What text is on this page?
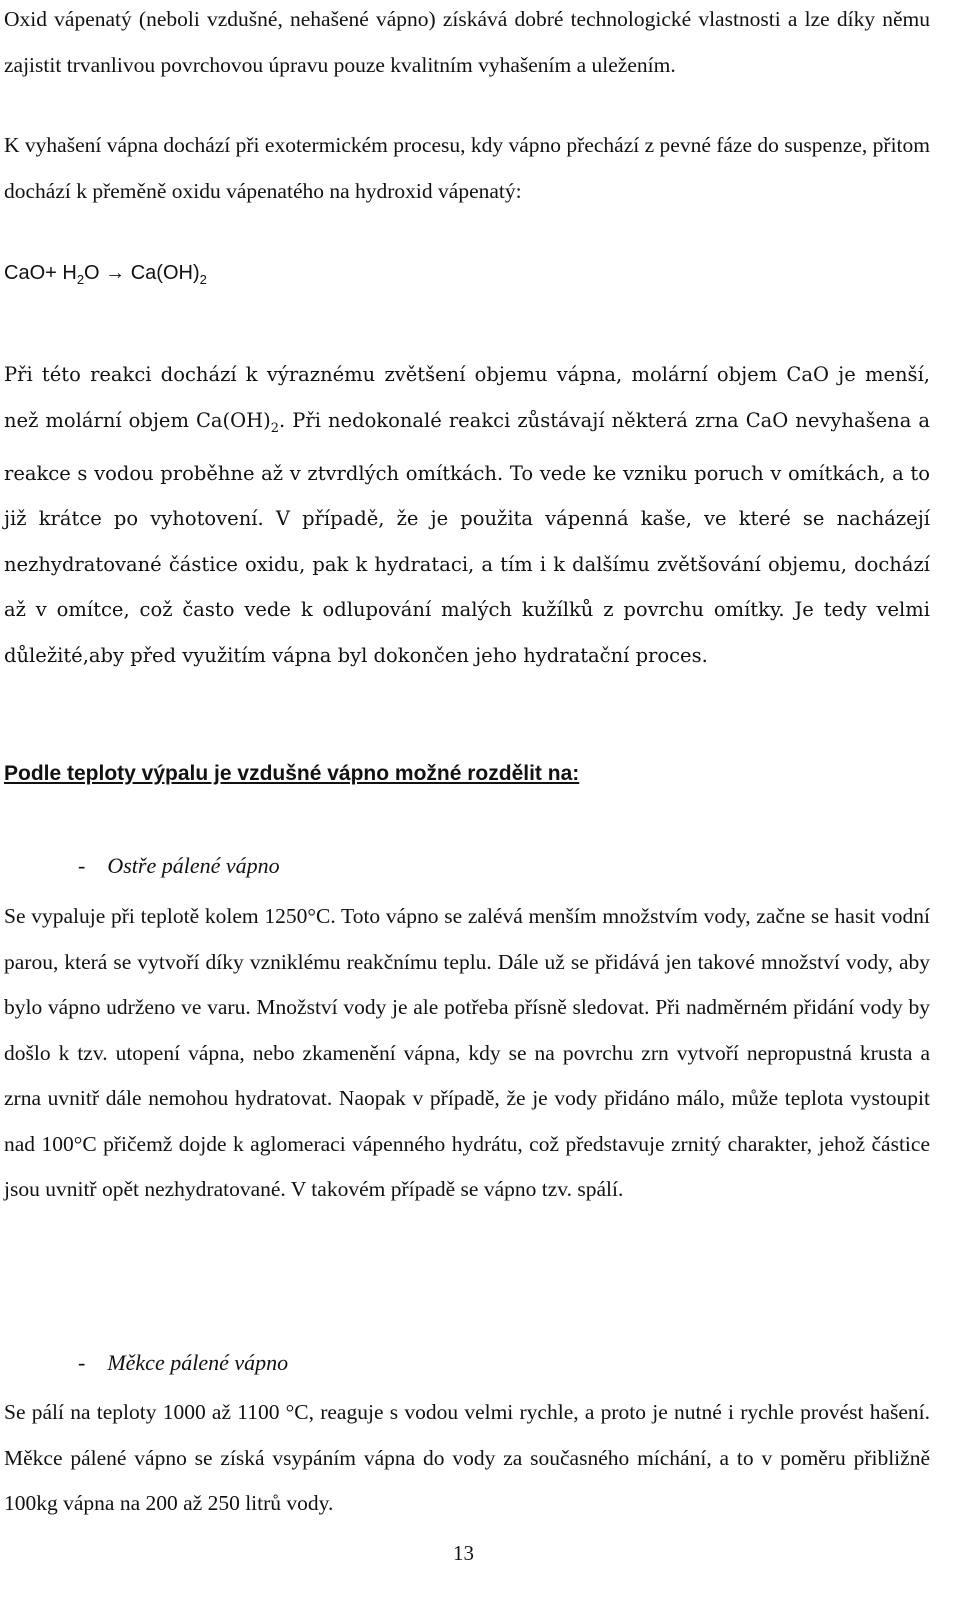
Oxid vápenatý (neboli vzdušné, nehašené vápno) získává dobré technologické vlastnosti a lze díky němu zajistit trvanlivou povrchovou úpravu pouze kvalitním vyhašením a uležením.

K vyhašení vápna dochází při exotermickém procesu, kdy vápno přechází z pevné fáze do suspenze, přitom dochází k přeměně oxidu vápenatého na hydroxid vápenatý:

$CaO+ H_2O \to Ca(OH)_2$

Při této reakci dochází k výraznému zvětšení objemu vápna, molární objem CaO je menší, než molární objem $Ca(OH)_2$. Při nedokonalé reakci zůstávají některá zrna CaO nevyhašena a reakce s vodou proběhne až v ztvrdlých omítkách. To vede ke vzniku poruch v omítkách, a to již krátce po vyhotovení. V případě, že je použita vápenná kaše, ve které se nacházejí nezhydratované částice oxidu, pak k hydrataci, a tím i k dalšímu zvětšování objemu, dochází až v omítce, což často vede k odlupování malých kužílků z povrchu omítky. Je tedy velmi důležité,aby před využitím vápna byl dokončen jeho hydratační proces.

Podle teploty výpalu je vzdušné vápno možné rozdělit na:
- Ostře pálené vápno

Se vypaluje při teplotě kolem 1250°C. Toto vápno se zalévá menším množstvím vody, začne se hasit vodní parou, která se vytvoří díky vzniklému reakčnímu teplu. Dále už se přidává jen takové množství vody, aby bylo vápno udrženo ve varu. Množství vody je ale potřeba přísně sledovat. Při nadměrném přidání vody by došlo k tzv. utopení vápna, nebo zkamenění vápna, kdy se na povrchu zrn vytvoří nepropustná krusta a zrna uvnitř dále nemohou hydratovat. Naopak v případě, že je vody přidáno málo, může teplota vystoupit nad 100°C přičemž dojde k aglomeraci vápenného hydrátu, což představuje zrnitý charakter, jehož částice jsou uvnitř opět nezhydratované. V takovém případě se vápno tzv. spálí.

- Měkce pálené vápno

Se pálí na teploty 1000 až 1100 °C, reaguje s vodou velmi rychle, a proto je nutné i rychle provést hašení. Měkce pálené vápno se získá vsypáním vápna do vody za současného míchání, a to v poměru přibližně 100kg vápna na 200 až 250 litrů vody.

13
